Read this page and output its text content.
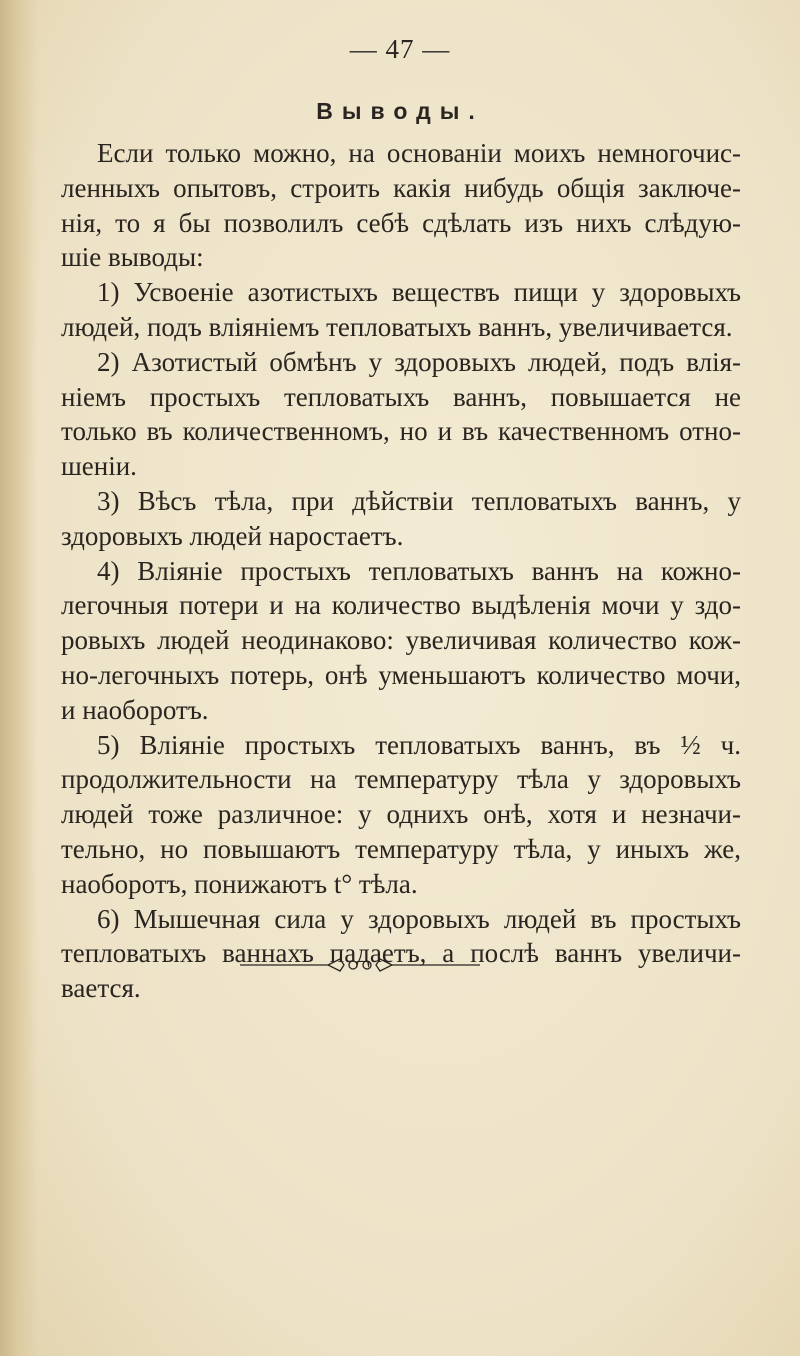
— 47 —
Выводы.
Если только можно, на основаніи моихъ немногочис-
ленныхъ опытовъ, строить какія нибудь общія заключе-
нія, то я бы позволилъ себѣ сдѣлать изъ нихъ слѣдую-
шіе выводы:
1) Усвоеніе азотистыхъ веществъ пищи у здоровыхъ
людей, подъ вліяніемъ тепловатыхъ ваннъ, увеличивается.
2) Азотистый обмѣнъ у здоровыхъ людей, подъ влія-
ніемъ простыхъ тепловатыхъ ваннъ, повышается не
только въ количественномъ, но и въ качественномъ отно-
шеніи.
3) Вѣсъ тѣла, при дѣйствіи тепловатыхъ ваннъ, у
здоровыхъ людей наростаетъ.
4) Вліяніе простыхъ тепловатыхъ ваннъ на кожно-
легочныя потери и на количество выдѣленія мочи у здо-
ровыхъ людей неодинаково: увеличивая количество кож-
но-легочныхъ потерь, онѣ уменьшаютъ количество мочи,
и наоборотъ.
5) Вліяніе простыхъ тепловатыхъ ваннъ, въ ½ ч.
продолжительности на температуру тѣла у здоровыхъ
людей тоже различное: у однихъ онѣ, хотя и незначи-
тельно, но повышаютъ температуру тѣла, у иныхъ же,
наоборотъ, понижаютъ t° тѣла.
6) Мышечная сила у здоровыхъ людей въ простыхъ
тепловатыхъ ваннахъ падаетъ, а послѣ ваннъ увеличи-
вается.
